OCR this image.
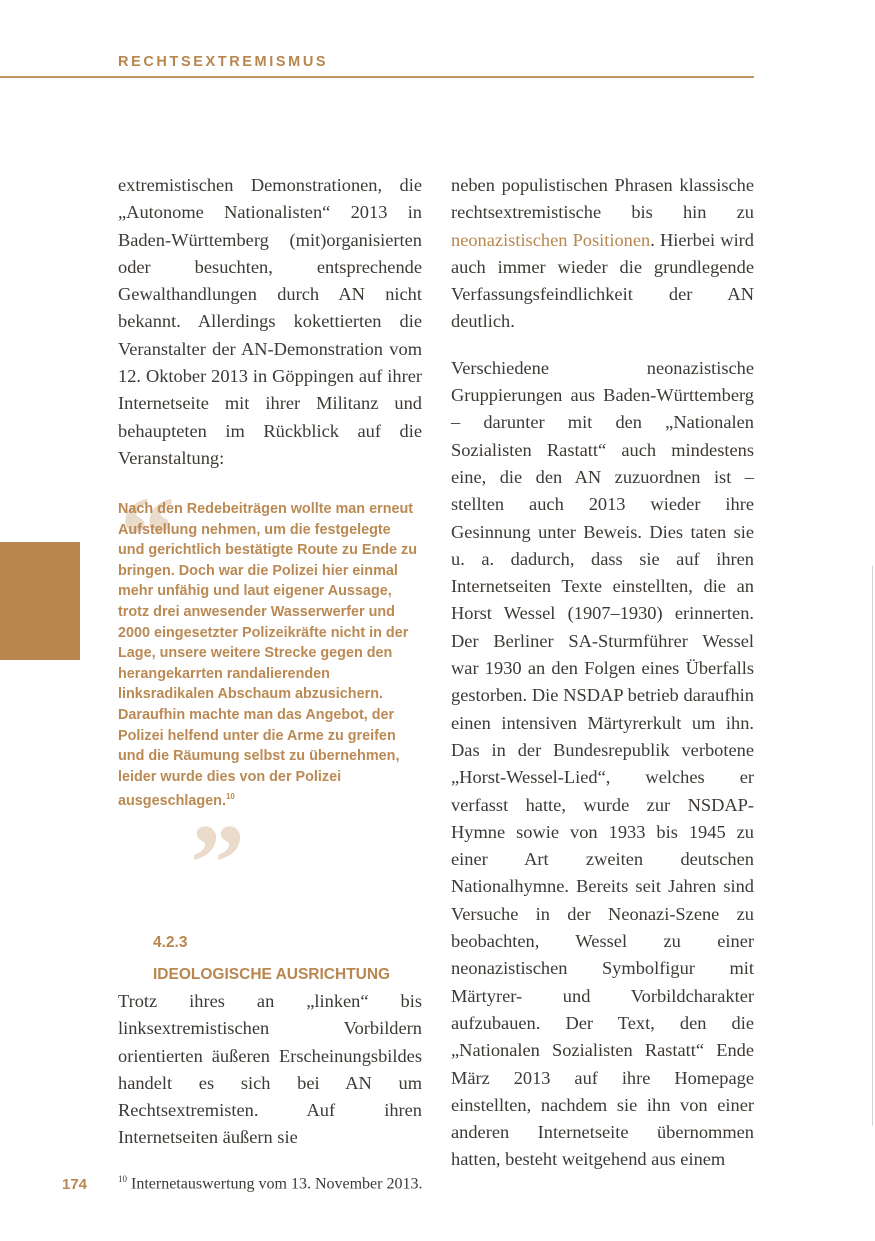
RECHTSEXTREMISMUS

extremistischen Demonstrationen, die „Autonome Nationalisten“ 2013 in Baden-Württemberg (mit)organisierten oder besuchten, entsprechende Gewalthandlungen durch AN nicht bekannt. Allerdings kokettierten die Veranstalter der AN-Demonstration vom 12. Oktober 2013 in Göppingen auf ihrer Internetseite mit ihrer Militanz und behaupteten im Rückblick auf die Veranstaltung:

“
”

Nach den Redebeiträgen wollte man erneut Aufstellung nehmen, um die festgelegte und gerichtlich bestätigte Route zu Ende zu bringen. Doch war die Polizei hier einmal mehr unfähig und laut eigener Aussage, trotz drei anwesender Wasserwerfer und 2000 eingesetzter Polizeikräfte nicht in der Lage, unsere weitere Strecke gegen den herangekarrten randalierenden linksradikalen Abschaum abzusichern. Daraufhin machte man das Angebot, der Polizei helfend unter die Arme zu greifen und die Räumung selbst zu übernehmen, leider wurde dies von der Polizei ausgeschlagen.$^{10}$

4.2.3
IDEOLOGISCHE AUSRICHTUNG

Trotz ihres an „linken“ bis linksextremistischen Vorbildern orientierten äußeren Erscheinungsbildes handelt es sich bei AN um Rechtsextremisten. Auf ihren Internetseiten äußern sie

neben populistischen Phrasen klassische rechtsextremistische bis hin zu neonazistischen Positionen. Hierbei wird auch immer wieder die grundlegende Verfassungsfeindlichkeit der AN deutlich.

Verschiedene neonazistische Gruppierungen aus Baden-Württemberg – darunter mit den „Nationalen Sozialisten Rastatt“ auch mindestens eine, die den AN zuzuordnen ist – stellten auch 2013 wieder ihre Gesinnung unter Beweis. Dies taten sie u. a. dadurch, dass sie auf ihren Internetseiten Texte einstellten, die an Horst Wessel (1907–1930) erinnerten. Der Berliner SA-Sturmführer Wessel war 1930 an den Folgen eines Überfalls gestorben. Die NSDAP betrieb daraufhin einen intensiven Märtyrerkult um ihn. Das in der Bundesrepublik verbotene „Horst-Wessel-Lied“, welches er verfasst hatte, wurde zur NSDAP-Hymne sowie von 1933 bis 1945 zu einer Art zweiten deutschen Nationalhymne. Bereits seit Jahren sind Versuche in der Neonazi-Szene zu beobachten, Wessel zu einer neonazistischen Symbolfigur mit Märtyrer- und Vorbildcharakter aufzubauen. Der Text, den die „Nationalen Sozialisten Rastatt“ Ende März 2013 auf ihre Homepage einstellten, nachdem sie ihn von einer anderen Internetseite übernommen hatten, besteht weitgehend aus einem

174	$^{10}$ Internetauswertung vom 13. November 2013.
